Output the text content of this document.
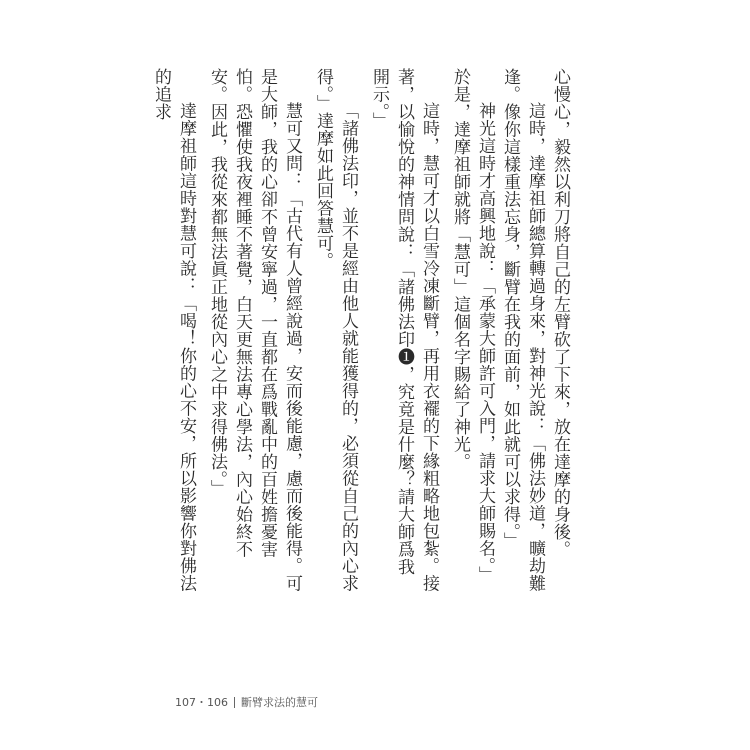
心慢心，毅然以利刀將自己的左臂砍了下來，放在達摩的身後。

這時，達摩祖師總算轉過身來，對神光說：「佛法妙道，曠劫難逢。像你這樣重法忘身，斷臂在我的面前，如此就可以求得。」

神光這時才高興地說：「承蒙大師許可入門，請求大師賜名。」於是，達摩祖師就將「慧可」這個名字賜給了神光。

這時，慧可才以白雪冷凍斷臂，再用衣襬的下緣粗略地包紮。接著，以愉悅的神情問說：「諸佛法印❶，究竟是什麼？請大師爲我開示。」

「諸佛法印，並不是經由他人就能獲得的，必須從自己的內心求得。」達摩如此回答慧可。

慧可又問：「古代有人曾經說過，安而後能慮，慮而後能得。可是大師，我的心卻不曾安寧過，一直都在爲戰亂中的百姓擔憂害怕。恐懼使我夜裡睡不著覺，白天更無法專心學法，內心始終不安。因此，我從來都無法眞正地從內心之中求得佛法。」

達摩祖師這時對慧可說：「喝！你的心不安，所以影響你對佛法的追求

107・106 斷臂求法的慧可
